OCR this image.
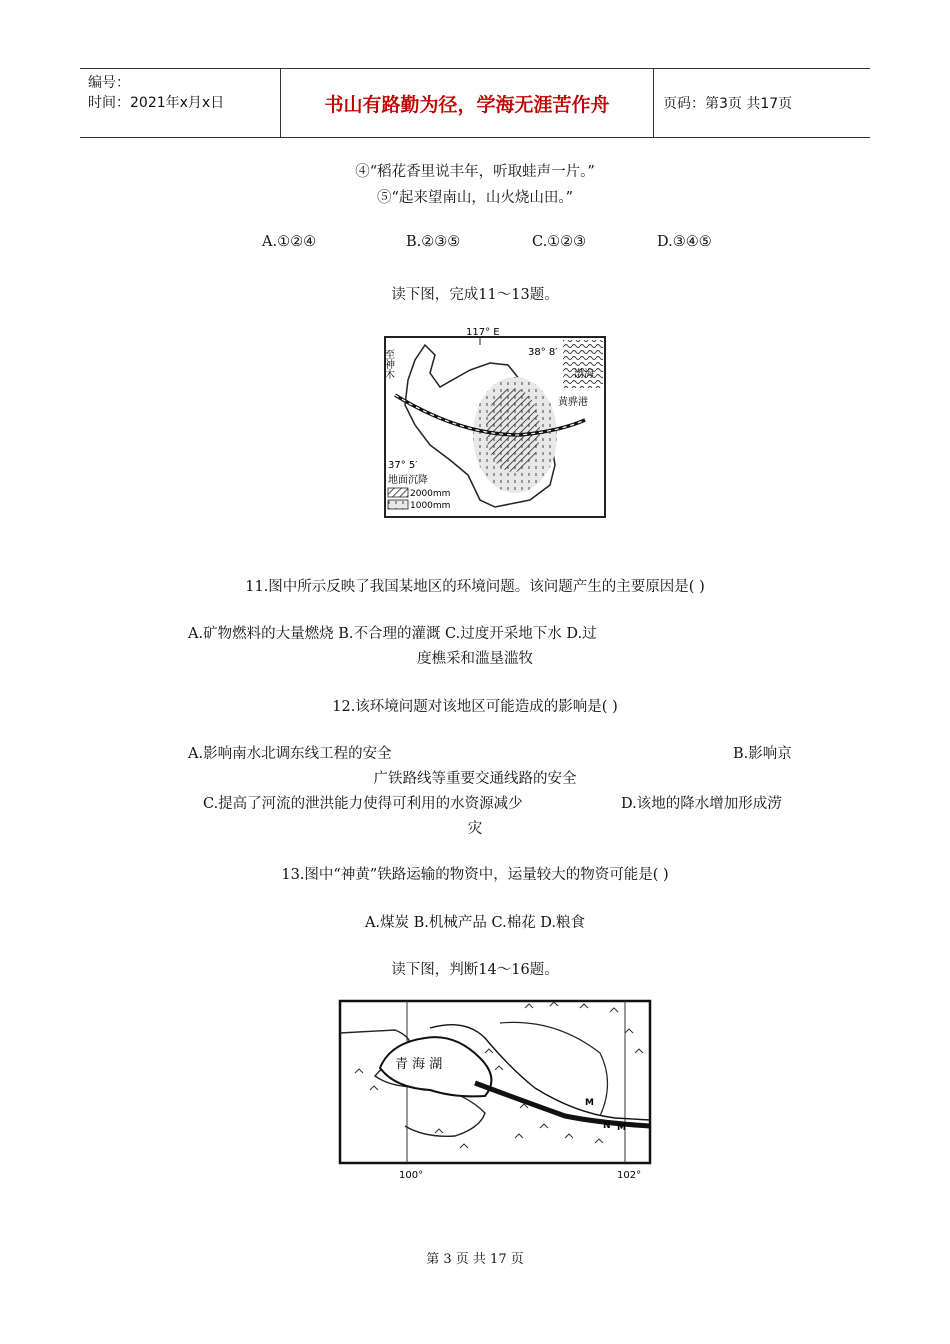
编号：
时间：2021年x月x日	书山有路勤为径，学海无涯苦作舟	页码：第3页 共17页
④“稻花香里说丰年，听取蛙声一片。”
⑤“起来望南山，山火烧山田。”
A.①②④	B.②③⑤	C.①②③	D.③④⑤
读下图，完成11～13题。
117° E
38° 8′
37° 5′
渤海
黄骅港
至神木
地面沉降
2000mm
1000mm
11.图中所示反映了我国某地区的环境问题。该问题产生的主要原因是( )
A.矿物燃料的大量燃烧 B.不合理的灌溉 C.过度开采地下水 D.过
度樵采和滥垦滥牧
12.该环境问题对该地区可能造成的影响是( )
A.影响南水北调东线工程的安全	B.影响京
广铁路线等重要交通线路的安全
C.提高了河流的泄洪能力使得可利用的水资源减少	D.该地的降水增加形成涝
灾
13.图中“神黄”铁路运输的物资中，运量较大的物资可能是( )
A.煤炭 B.机械产品 C.棉花 D.粮食
读下图，判断14～16题。
青 海 湖
M
N M
100°	102°
第 3 页 共 17 页
